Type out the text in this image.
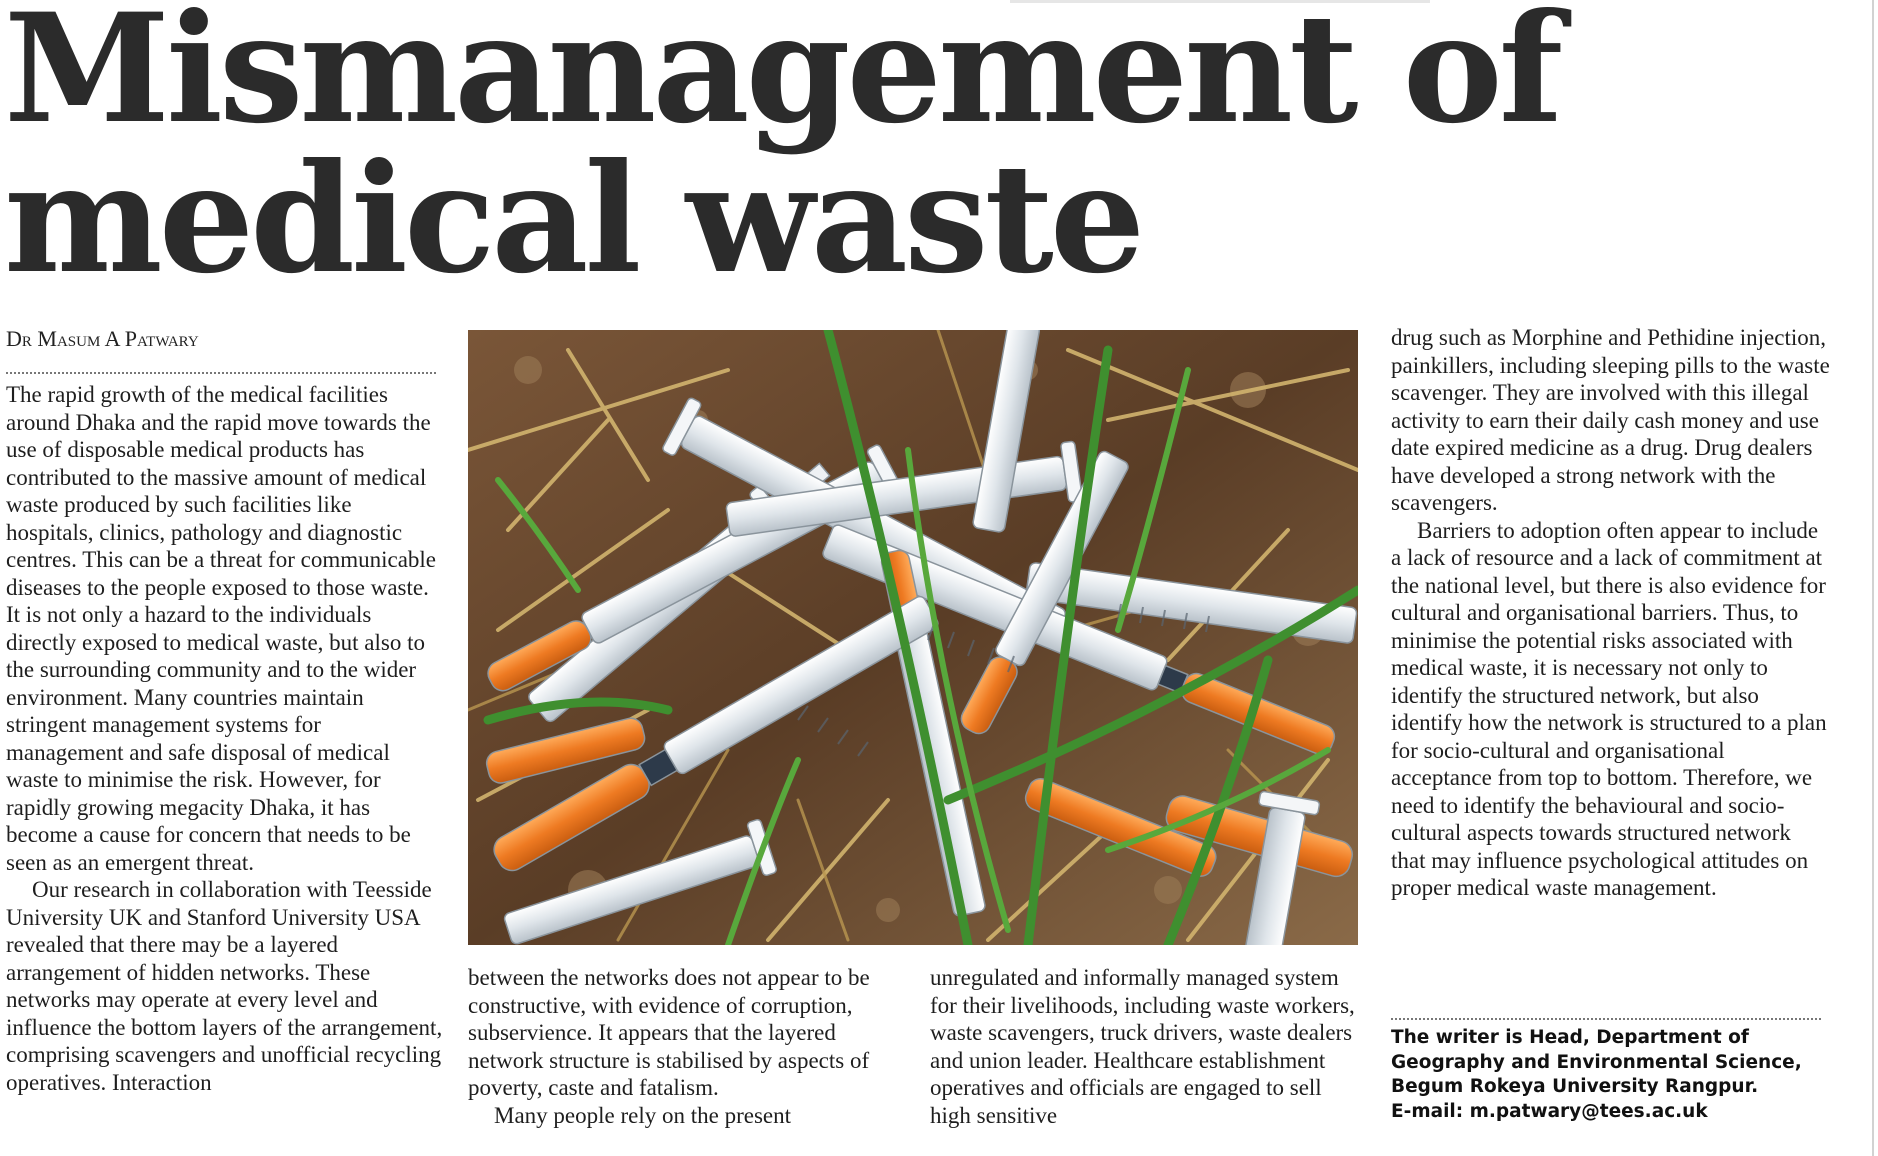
Mismanagement of
medical waste

Dr Masum A Patwary

The rapid growth of the medical facilities around Dhaka and the rapid move towards the use of disposable medical products has contributed to the massive amount of medical waste produced by such facilities like hospitals, clinics, pathology and diagnostic centres. This can be a threat for communicable diseases to the people exposed to those waste. It is not only a hazard to the individuals directly exposed to medical waste, but also to the surrounding community and to the wider environment. Many countries maintain stringent management systems for management and safe disposal of medical waste to minimise the risk. However, for rapidly growing megacity Dhaka, it has become a cause for concern that needs to be seen as an emergent threat.

Our research in collaboration with Teesside University UK and Stanford University USA revealed that there may be a layered arrangement of hidden networks. These networks may operate at every level and influence the bottom layers of the arrangement, comprising scavengers and unofficial recycling operatives. Interaction

between the networks does not appear to be constructive, with evidence of corruption, subservience. It appears that the layered network structure is stabilised by aspects of poverty, caste and fatalism.

Many people rely on the present

unregulated and informally managed system for their livelihoods, including waste workers, waste scavengers, truck drivers, waste dealers and union leader. Healthcare establishment operatives and officials are engaged to sell high sensitive

drug such as Morphine and Pethidine injection, painkillers, including sleeping pills to the waste scavenger. They are involved with this illegal activity to earn their daily cash money and use date expired medicine as a drug. Drug dealers have developed a strong network with the scavengers.

Barriers to adoption often appear to include a lack of resource and a lack of commitment at the national level, but there is also evidence for cultural and organisational barriers. Thus, to minimise the potential risks associated with medical waste, it is necessary not only to identify the structured network, but also identify how the network is structured to a plan for socio-cultural and organisational acceptance from top to bottom. Therefore, we need to identify the behavioural and socio-cultural aspects towards structured network that may influence psychological attitudes on proper medical waste management.

The writer is Head, Department of
Geography and Environmental Science,
Begum Rokeya University Rangpur.
E-mail: m.patwary@tees.ac.uk
